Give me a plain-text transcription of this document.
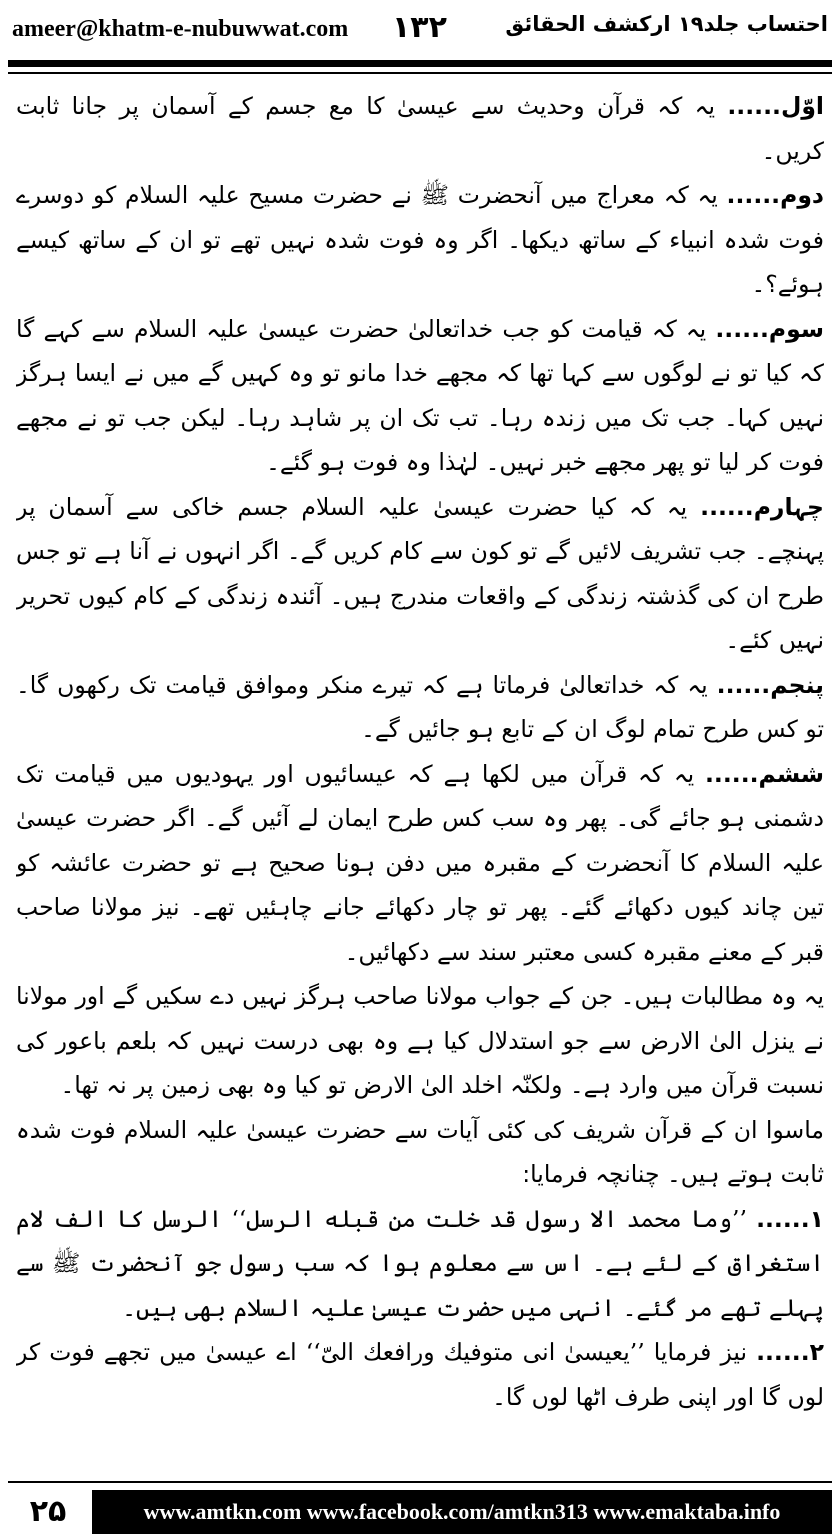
ameer@khatm-e-nubuwwat.com ۱۳۲	احتساب جلد۱۹ ارکشف الحقائق

اوّل...... یہ کہ قرآن وحدیث سے عیسیٰ کا مع جسم کے آسمان پر جانا ثابت کریں۔

دوم...... یہ کہ معراج میں آنحضرت ﷺ نے حضرت مسیح علیہ السلام کو دوسرے فوت شدہ انبیاء کے ساتھ دیکھا۔ اگر وہ فوت شدہ نہیں تھے تو ان کے ساتھ کیسے ہوئے؟۔

سوم...... یہ کہ قیامت کو جب خداتعالیٰ حضرت عیسیٰ علیہ السلام سے کہے گا کہ کیا تو نے لوگوں سے کہا تھا کہ مجھے خدا مانو تو وہ کہیں گے میں نے ایسا ہرگز نہیں کہا۔ جب تک میں زندہ رہا۔ تب تک ان پر شاہد رہا۔ لیکن جب تو نے مجھے فوت کر لیا تو پھر مجھے خبر نہیں۔ لہٰذا وہ فوت ہو گئے۔

چہارم...... یہ کہ کیا حضرت عیسیٰ علیہ السلام جسم خاکی سے آسمان پر پہنچے۔ جب تشریف لائیں گے تو کون سے کام کریں گے۔ اگر انہوں نے آنا ہے تو جس طرح ان کی گذشتہ زندگی کے واقعات مندرج ہیں۔ آئندہ زندگی کے کام کیوں تحریر نہیں کئے۔

پنجم...... یہ کہ خداتعالیٰ فرماتا ہے کہ تیرے منکر وموافق قیامت تک رکھوں گا۔ تو کس طرح تمام لوگ ان کے تابع ہو جائیں گے۔

ششم...... یہ کہ قرآن میں لکھا ہے کہ عیسائیوں اور یہودیوں میں قیامت تک دشمنی ہو جائے گی۔ پھر وہ سب کس طرح ایمان لے آئیں گے۔ اگر حضرت عیسیٰ علیہ السلام کا آنحضرت کے مقبرہ میں دفن ہونا صحیح ہے تو حضرت عائشہ کو تین چاند کیوں دکھائے گئے۔ پھر تو چار دکھائے جانے چاہئیں تھے۔ نیز مولانا صاحب قبر کے معنے مقبرہ کسی معتبر سند سے دکھائیں۔

یہ وہ مطالبات ہیں۔ جن کے جواب مولانا صاحب ہرگز نہیں دے سکیں گے اور مولانا نے ینزل الیٰ الارض سے جو استدلال کیا ہے وہ بھی درست نہیں کہ بلعم باعور کی نسبت قرآن میں وارد ہے۔ ولکنّہ اخلد الیٰ الارض تو کیا وہ بھی زمین پر نہ تھا۔

ماسوا ان کے قرآن شریف کی کئی آیات سے حضرت عیسیٰ علیہ السلام فوت شدہ ثابت ہوتے ہیں۔ چنانچہ فرمایا:

۱...... ’’وما محمد الا رسول قد خلت من قبله الرسل‘‘ الرسل کا الف لام استغراق کے لئے ہے۔ اس سے معلوم ہوا کہ سب رسول جو آنحضرت ﷺ سے پہلے تھے مر گئے۔ انہی میں حضرت عیسیٰ علیہ السلام بھی ہیں۔

۲...... نیز فرمایا ’’یعیسیٰ انی متوفیك ورافعك الیّ‘‘ اے عیسیٰ میں تجھے فوت کر لوں گا اور اپنی طرف اٹھا لوں گا۔

۲۵	www.amtkn.com www.facebook.com/amtkn313 www.emaktaba.info
